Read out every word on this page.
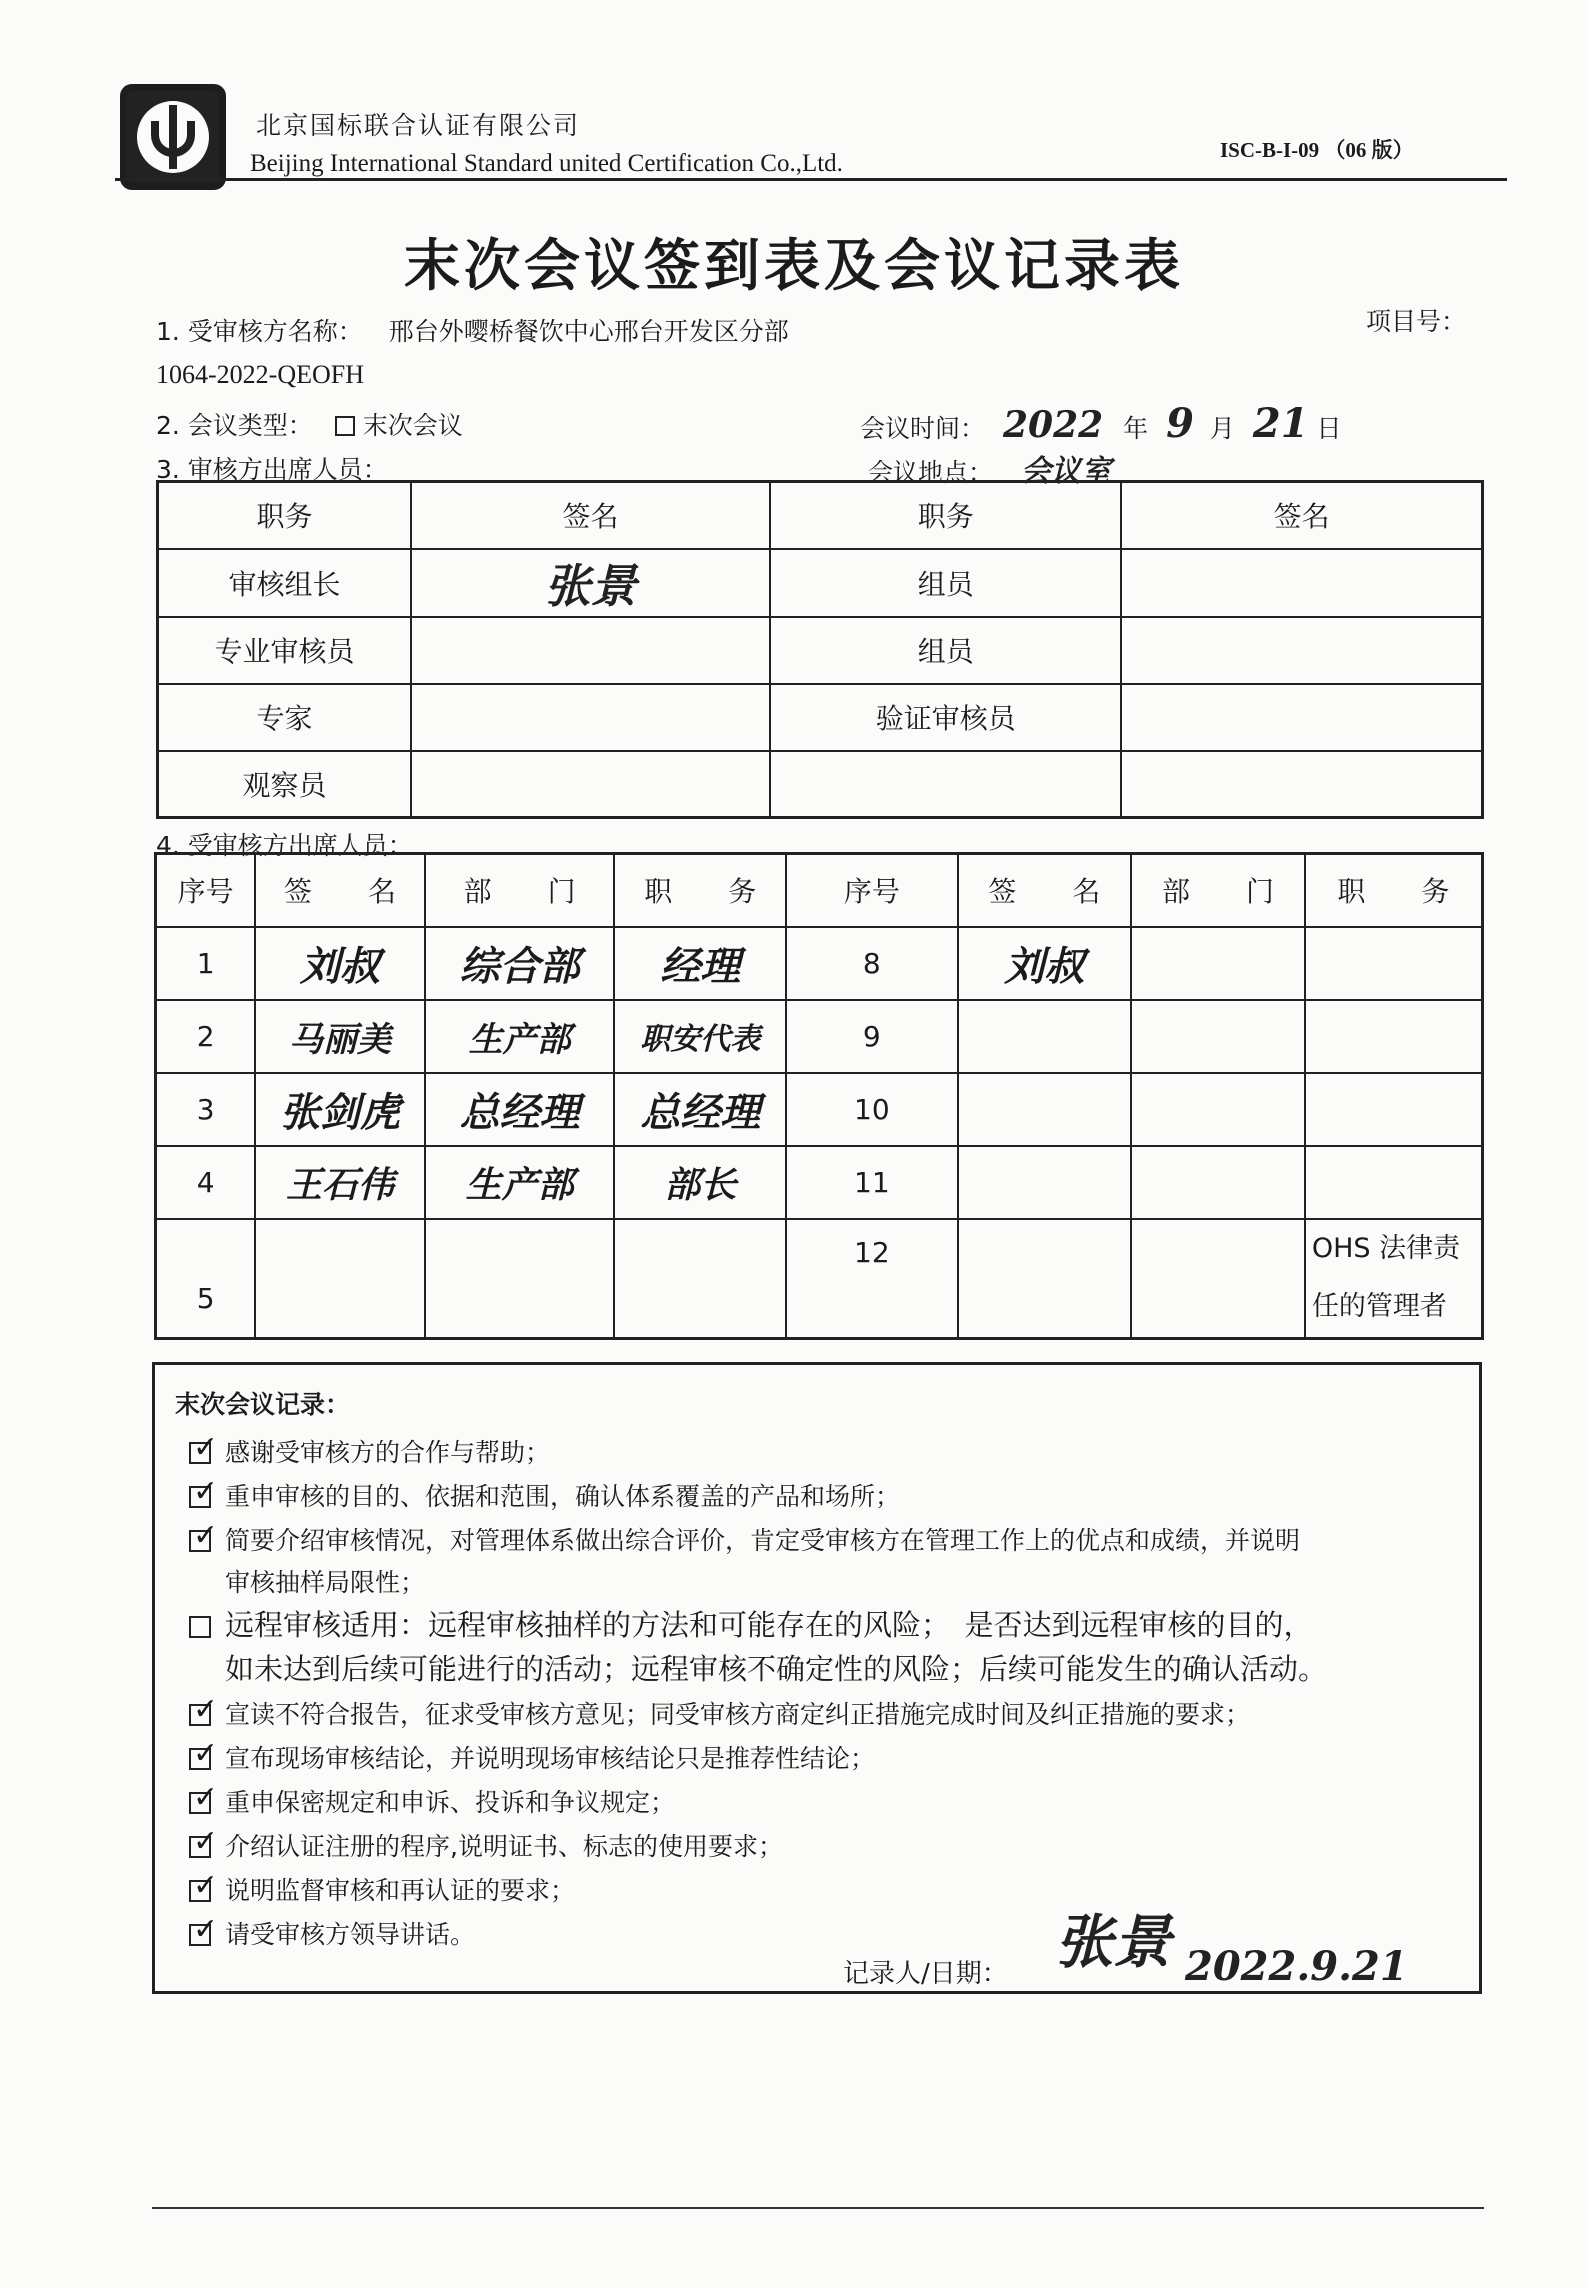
北京国标联合认证有限公司
Beijing International Standard united Certification Co.,Ltd.	ISC-B-I-09 （06 版）
末次会议签到表及会议记录表
1. 受审核方名称： 邢台外嘤桥餐饮中心邢台开发区分部	项目号：
1064-2022-QEOFH
2. 会议类型： 末次会议	会议时间： 2022 年 9 月 21 日
3. 审核方出席人员：	会议地点： 会议室
职务	签名	职务	签名
审核组长	张景	组员	
专业审核员		组员	
专家		验证审核员	
观察员			
4. 受审核方出席人员：
序号	签　　名	部　　门	职　　务	序号	签　　名	部　　门	职　　务
1	刘叔	综合部	经理	8	刘叔		
2	马丽美	生产部	职安代表	9			
3	张剑虎	总经理	总经理	10			
4	王石伟	生产部	部长	11			
5				12			OHS 法律责任的管理者
末次会议记录：
✓感谢受审核方的合作与帮助；
✓重申审核的目的、依据和范围，确认体系覆盖的产品和场所；
✓简要介绍审核情况，对管理体系做出综合评价，肯定受审核方在管理工作上的优点和成绩，并说明
审核抽样局限性；
远程审核适用：远程审核抽样的方法和可能存在的风险；　是否达到远程审核的目的，
如未达到后续可能进行的活动；远程审核不确定性的风险；后续可能发生的确认活动。
✓宣读不符合报告，征求受审核方意见；同受审核方商定纠正措施完成时间及纠正措施的要求；
✓宣布现场审核结论，并说明现场审核结论只是推荐性结论；
✓重申保密规定和申诉、投诉和争议规定；
✓介绍认证注册的程序,说明证书、标志的使用要求；
✓说明监督审核和再认证的要求；
✓请受审核方领导讲话。
记录人/日期： 张景 2022.9.21
